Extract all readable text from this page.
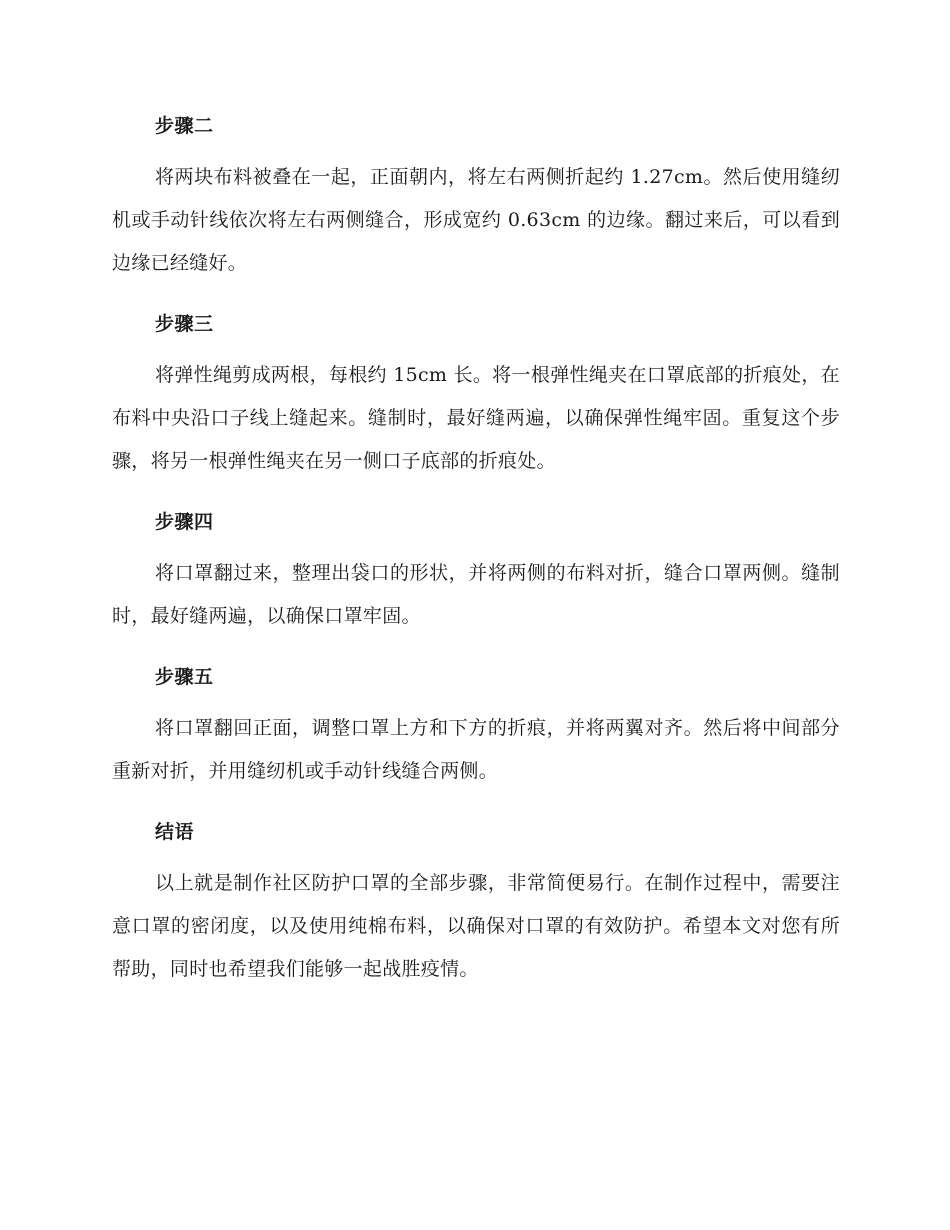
步骤二

将两块布料被叠在一起，正面朝内，将左右两侧折起约 1.27cm。然后使用缝纫机或手动针线依次将左右两侧缝合，形成宽约 0.63cm 的边缘。翻过来后，可以看到边缘已经缝好。

步骤三

将弹性绳剪成两根，每根约 15cm 长。将一根弹性绳夹在口罩底部的折痕处，在布料中央沿口子线上缝起来。缝制时，最好缝两遍，以确保弹性绳牢固。重复这个步骤，将另一根弹性绳夹在另一侧口子底部的折痕处。

步骤四

将口罩翻过来，整理出袋口的形状，并将两侧的布料对折，缝合口罩两侧。缝制时，最好缝两遍，以确保口罩牢固。

步骤五

将口罩翻回正面，调整口罩上方和下方的折痕，并将两翼对齐。然后将中间部分重新对折，并用缝纫机或手动针线缝合两侧。

结语

以上就是制作社区防护口罩的全部步骤，非常简便易行。在制作过程中，需要注意口罩的密闭度，以及使用纯棉布料，以确保对口罩的有效防护。希望本文对您有所帮助，同时也希望我们能够一起战胜疫情。
